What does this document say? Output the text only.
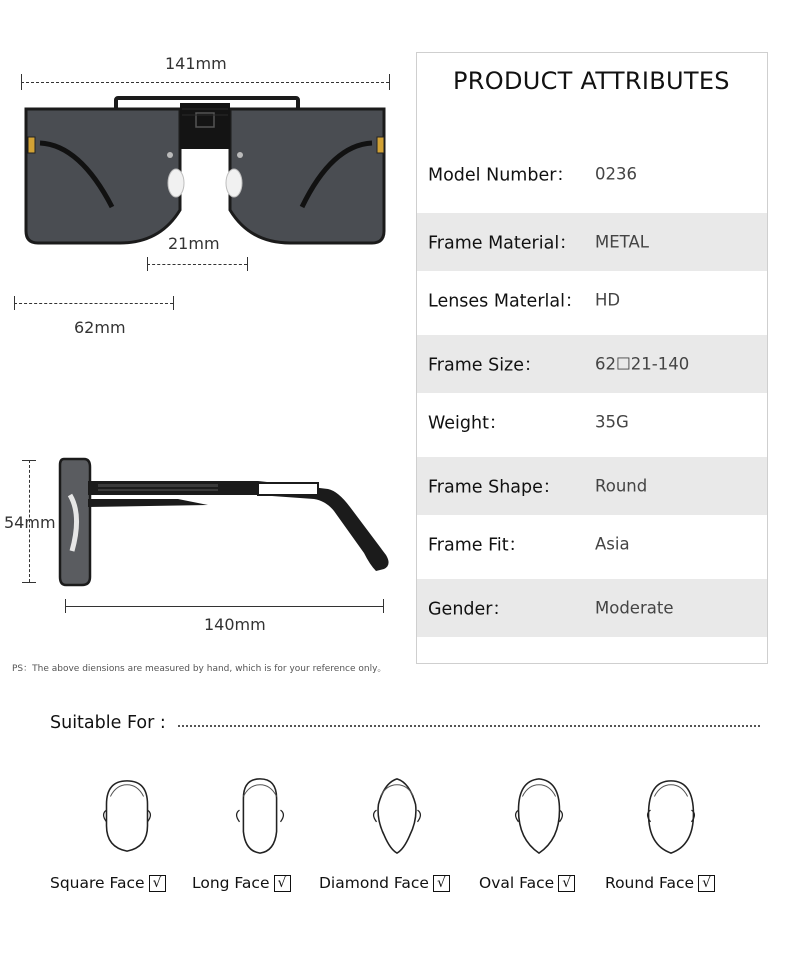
141mm
21mm
62mm
54mm
140mm
PRODUCT ATTRIBUTES
Model Number： 0236
Frame Material： METAL
Lenses Materlal： HD
Frame Size：	62☐21-140
Weight：	35G
Frame Shape： Round
Frame Fit：	Asia
Gender：	Moderate
PS：The above diensions are measured by hand, which is for your reference only。
Suitable For :
Square Face √ Long Face √ Diamond Face √ Oval Face √ Round Face √
